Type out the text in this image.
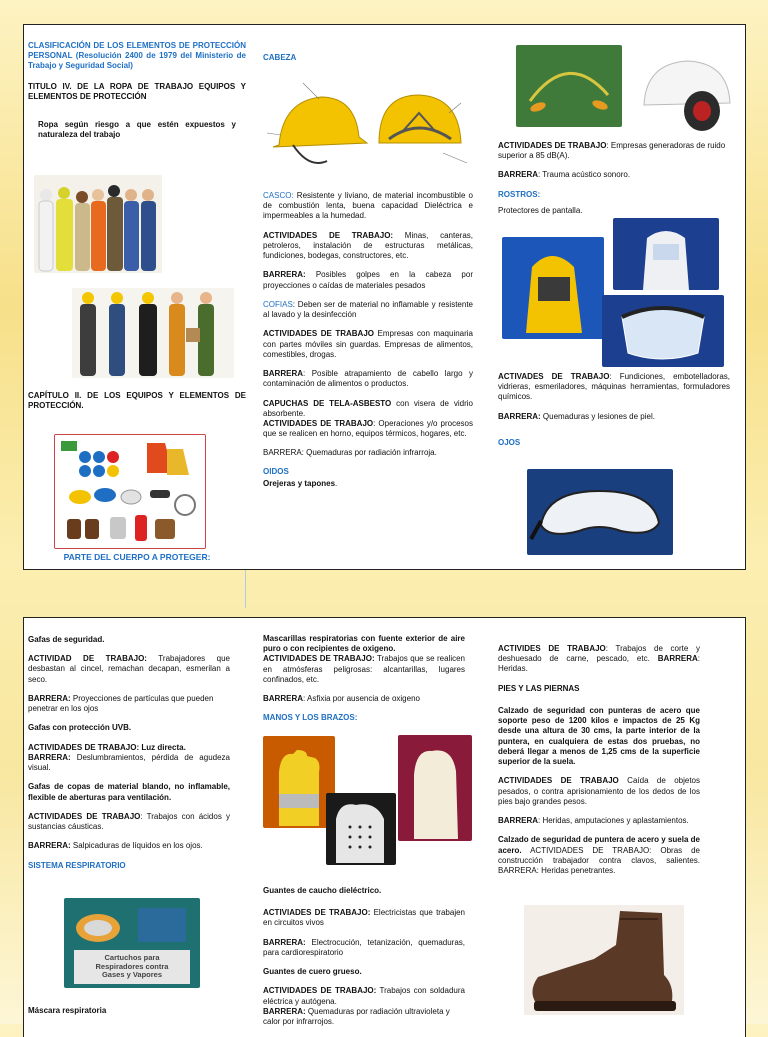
CLASIFICACIÓN DE LOS ELEMENTOS DE PROTECCIÓN PERSONAL (Resolución 2400 de 1979 del Ministerio de Trabajo y Seguridad Social)

TITULO IV. DE LA ROPA DE TRABAJO EQUIPOS Y ELEMENTOS DE PROTECCIÓN

Ropa según riesgo a que estén expuestos y naturaleza del trabajo

CAPÍTULO II. DE LOS EQUIPOS Y ELEMENTOS DE PROTECCIÓN.

PARTE DEL CUERPO A PROTEGER:

CABEZA

CASCO: Resistente y liviano, de material incombustible o de combustión lenta, buena capacidad Dieléctrica e impermeables a la humedad.

ACTIVIDADES DE TRABAJO: Minas, canteras, petroleros, instalación de estructuras metálicas, fundiciones, bodegas, constructores, etc.

BARRERA: Posibles golpes en la cabeza por proyecciones o caídas de materiales pesados

COFIAS: Deben ser de material no inflamable y resistente al lavado y la desinfección

ACTIVIDADES DE TRABAJO Empresas con maquinaria con partes móviles sin guardas. Empresas de alimentos, comestibles, drogas.

BARRERA: Posible atrapamiento de cabello largo y contaminación de alimentos o productos.

CAPUCHAS DE TELA-ASBESTO con visera de vidrio absorbente.

ACTIVIDADES DE TRABAJO: Operaciones y/o procesos que se realicen en horno, equipos térmicos, hogares, etc.

BARRERA: Quemaduras por radiación infrarroja.

OIDOS

Orejeras y tapones.

ACTIVIDADES DE TRABAJO: Empresas generadoras de ruido superior a 85 dB(A).

BARRERA: Trauma acústico sonoro.

ROSTROS:

Protectores de pantalla.

ACTIVADES DE TRABAJO: Fundiciones, embotelladoras, vidrieras, esmeriladores, máquinas herramientas, formuladores químicos.

BARRERA: Quemaduras y lesiones de piel.

OJOS

Gafas de seguridad.

ACTIVIDAD DE TRABAJO: Trabajadores que desbastan al cincel, remachan decapan, esmerilan a seco.

BARRERA: Proyecciones de partículas que pueden penetrar en los ojos

Gafas con protección UVB.

ACTIVIDADES DE TRABAJO: Luz directa.

BARRERA: Deslumbramientos, pérdida de agudeza visual.

Gafas de copas de material blando, no inflamable, flexible de aberturas para ventilación.

ACTIVIDADES DE TRABAJO: Trabajos con ácidos y sustancias cáusticas.

BARRERA: Salpicaduras de líquidos en los ojos.

SISTEMA RESPIRATORIO

Cartuchos para Respiradores contra Gases y Vapores
Máscara respiratoria

Mascarillas respiratorias con fuente exterior de aire puro o con recipientes de oxigeno.

ACTIVIDADES DE TRABAJO: Trabajos que se realicen en atmósferas peligrosas: alcantarillas, lugares confinados, etc.

BARRERA: Asfixia por ausencia de oxigeno

MANOS Y LOS BRAZOS:

Guantes de caucho dieléctrico.

ACTIVIADES DE TRABAJO: Electricistas que trabajen en circuitos vivos

BARRERA: Electrocución, tetanización, quemaduras, para cardiorespiratorio

Guantes de cuero grueso.

ACTIVIDADES DE TRABAJO: Trabajos con soldadura eléctrica y autógena.

BARRERA: Quemaduras por radiación ultravioleta y calor por infrarrojos.

ACTIVIDES DE TRABAJO: Trabajos de corte y deshuesado de carne, pescado, etc. BARRERA: Heridas.

PIES Y LAS PIERNAS

Calzado de seguridad con punteras de acero que soporte peso de 1200 kilos e impactos de 25 Kg desde una altura de 30 cms, la parte interior de la puntera, en cualquiera de estas dos pruebas, no deberá llegar a menos de 1,25 cms de la superficie superior de la suela.

ACTIVIDADES DE TRABAJO Caída de objetos pesados, o contra aprisionamiento de los dedos de los pies bajo grandes pesos.

BARRERA: Heridas, amputaciones y aplastamientos.

Calzado de seguridad de puntera de acero y suela de acero. ACTIVIDADES DE TRABAJO: Obras de construcción trabajador contra clavos, salientes. BARRERA: Heridas penetrantes.
